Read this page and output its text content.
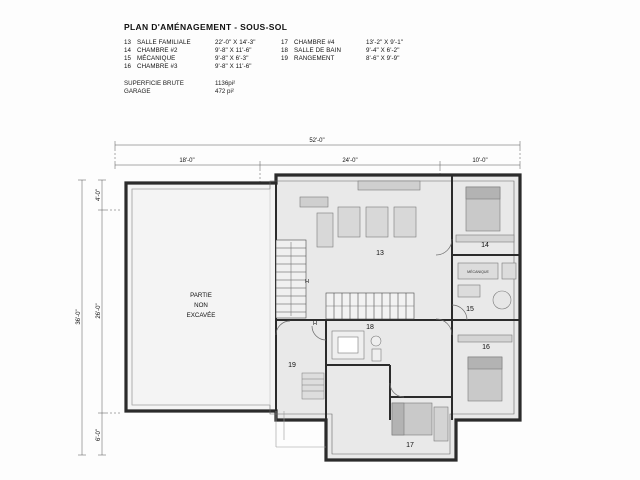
PLAN D'AMÉNAGEMENT - SOUS-SOL
13 SALLE FAMILIALE	22'-0" X 14'-3"
14 CHAMBRE #2	9'-8" X 11'-6"
15 MÉCANIQUE	9'-8" X 6'-3"
16 CHAMBRE #3	9'-8" X 11'-6"
17 CHAMBRE #4	13'-2" X 9'-1"
18 SALLE DE BAIN	9'-4" X 6'-2"
19 RANGEMENT	8'-6" X 9'-9"
SUPERFICIE BRUTE	1136pi²
GARAGE	472 pi²
52'-0"
18'-0"	24'-0"	10'-0"
36'-0"
4'-0"
26'-0"
6'-0"
PARTIE
NON
EXCAVÉE
13
14
MÉCANIQUE
15
16
17
18
19
H
H
